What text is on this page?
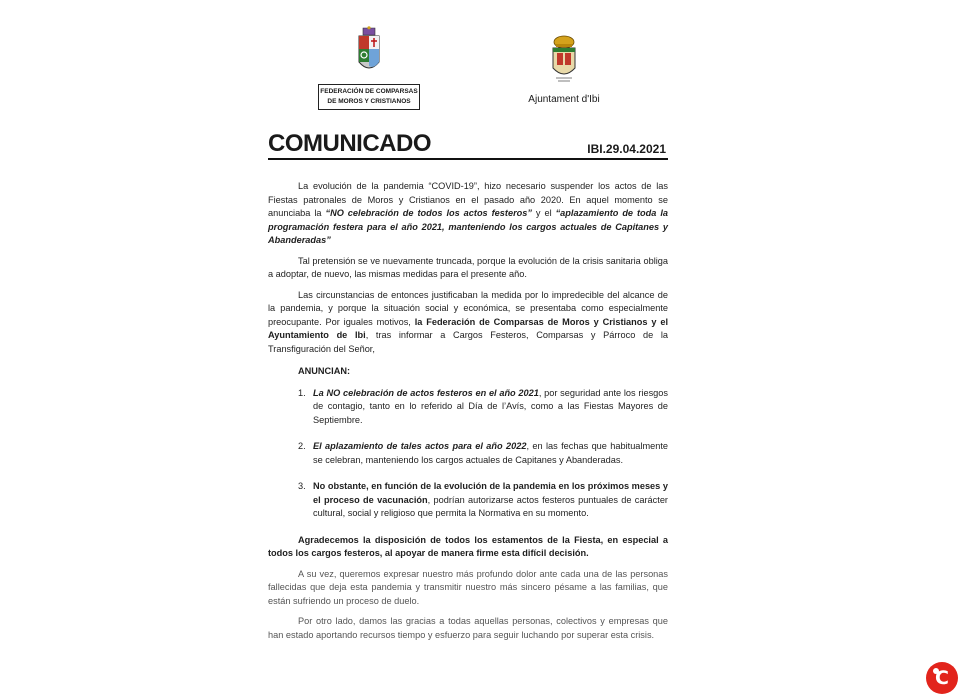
FEDERACIÓN DE COMPARSAS
DE MOROS Y CRISTIANOS	Ajuntament d'Ibi
COMUNICADO	IBI.29.04.2021

La evolución de la pandemia “COVID-19”, hizo necesario suspender los actos de las Fiestas patronales de Moros y Cristianos en el pasado año 2020. En aquel momento se anunciaba la “NO celebración de todos los actos festeros” y el “aplazamiento de toda la programación festera para el año 2021, manteniendo los cargos actuales de Capitanes y Abanderadas”

Tal pretensión se ve nuevamente truncada, porque la evolución de la crisis sanitaria obliga a adoptar, de nuevo, las mismas medidas para el presente año.

Las circunstancias de entonces justificaban la medida por lo impredecible del alcance de la pandemia, y porque la situación social y económica, se presentaba como especialmente preocupante. Por iguales motivos, la Federación de Comparsas de Moros y Cristianos y el Ayuntamiento de Ibi, tras informar a Cargos Festeros, Comparsas y Párroco de la Transfiguración del Señor,

ANUNCIAN:

1. La NO celebración de actos festeros en el año 2021, por seguridad ante los riesgos de contagio, tanto en lo referido al Día de l’Avís, como a las Fiestas Mayores de Septiembre.
2. El aplazamiento de tales actos para el año 2022, en las fechas que habitualmente se celebran, manteniendo los cargos actuales de Capitanes y Abanderadas.
3. No obstante, en función de la evolución de la pandemia en los próximos meses y el proceso de vacunación, podrían autorizarse actos festeros puntuales de carácter cultural, social y religioso que permita la Normativa en su momento.

Agradecemos la disposición de todos los estamentos de la Fiesta, en especial a todos los cargos festeros, al apoyar de manera firme esta difícil decisión.

A su vez, queremos expresar nuestro más profundo dolor ante cada una de las personas fallecidas que deja esta pandemia y transmitir nuestro más sincero pésame a las familias, que están sufriendo un proceso de duelo.

Por otro lado, damos las gracias a todas aquellas personas, colectivos y empresas que han estado aportando recursos tiempo y esfuerzo para seguir luchando por superar esta crisis.

C
